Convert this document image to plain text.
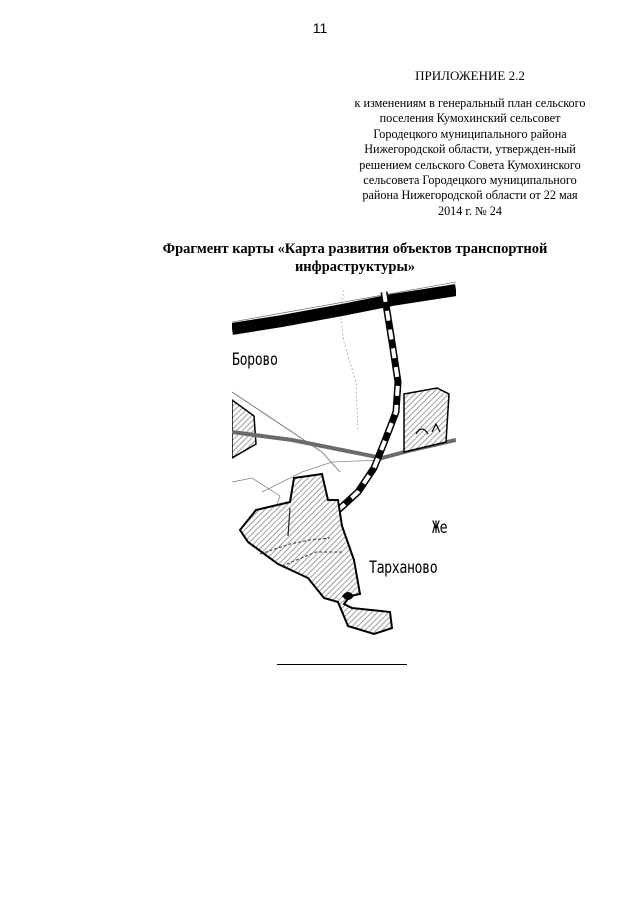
11
ПРИЛОЖЕНИЕ 2.2
к изменениям в генеральный план сельского
поселения Кумохинский сельсовет
Городецкого муниципального района
Нижегородской области, утвержден-ный
решением сельского Совета Кумохинского
сельсовета Городецкого муниципального
района Нижегородской области от 22 мая
2014 г. № 24
Фрагмент карты «Карта развития объектов транспортной
инфраструктуры»
Борово
Же
Тарханово
